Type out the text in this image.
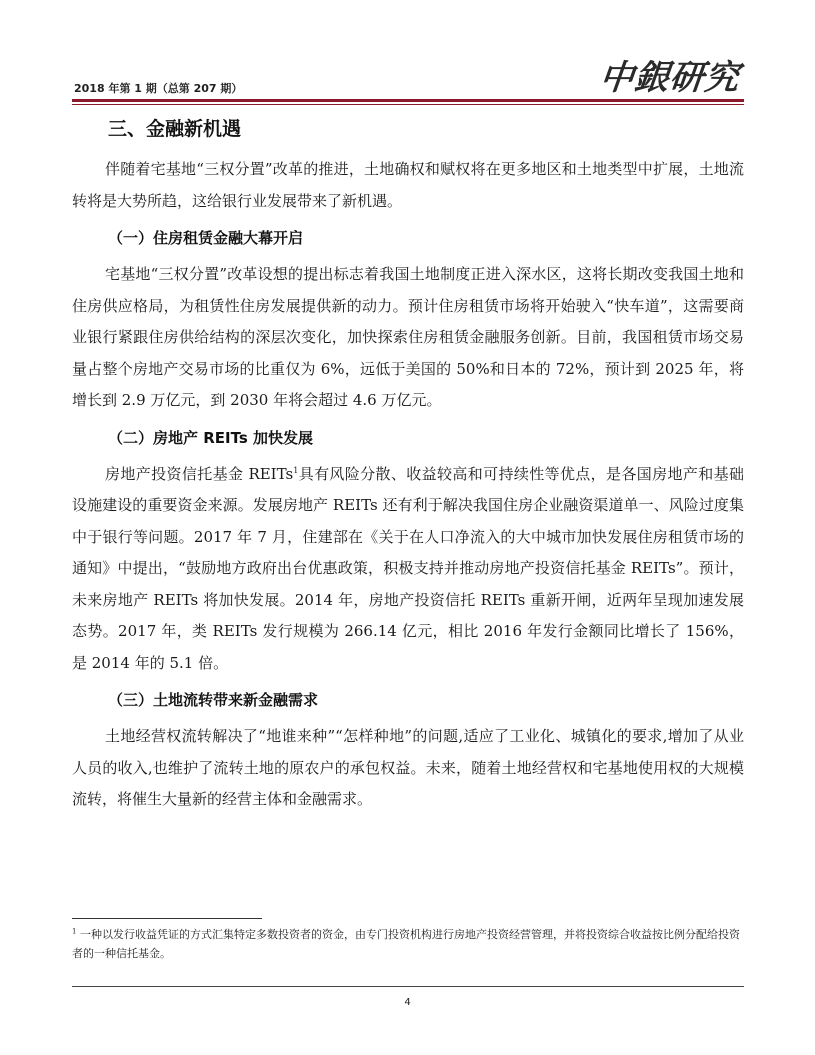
2018 年第 1 期（总第 207 期）	中銀研究
三、金融新机遇

伴随着宅基地“三权分置”改革的推进，土地确权和赋权将在更多地区和土地类型中扩展，土地流转将是大势所趋，这给银行业发展带来了新机遇。

（一）住房租赁金融大幕开启

宅基地“三权分置”改革设想的提出标志着我国土地制度正进入深水区，这将长期改变我国土地和住房供应格局，为租赁性住房发展提供新的动力。预计住房租赁市场将开始驶入“快车道”，这需要商业银行紧跟住房供给结构的深层次变化，加快探索住房租赁金融服务创新。目前，我国租赁市场交易量占整个房地产交易市场的比重仅为 6%，远低于美国的 50%和日本的 72%，预计到 2025 年，将增长到 2.9 万亿元，到 2030 年将会超过 4.6 万亿元。

（二）房地产 REITs 加快发展

房地产投资信托基金 REITs$^1$具有风险分散、收益较高和可持续性等优点，是各国房地产和基础设施建设的重要资金来源。发展房地产 REITs 还有利于解决我国住房企业融资渠道单一、风险过度集中于银行等问题。2017 年 7 月，住建部在《关于在人口净流入的大中城市加快发展住房租赁市场的通知》中提出，“鼓励地方政府出台优惠政策，积极支持并推动房地产投资信托基金 REITs”。预计，未来房地产 REITs 将加快发展。2014 年，房地产投资信托 REITs 重新开闸，近两年呈现加速发展态势。2017 年，类 REITs 发行规模为 266.14 亿元，相比 2016 年发行金额同比增长了 156%，是 2014 年的 5.1 倍。

（三）土地流转带来新金融需求

土地经营权流转解决了“地谁来种”“怎样种地”的问题,适应了工业化、城镇化的要求,增加了从业人员的收入,也维护了流转土地的原农户的承包权益。未来，随着土地经营权和宅基地使用权的大规模流转，将催生大量新的经营主体和金融需求。

$^1$ 一种以发行收益凭证的方式汇集特定多数投资者的资金，由专门投资机构进行房地产投资经营管理，并将投资综合收益按比例分配给投资者的一种信托基金。
4
